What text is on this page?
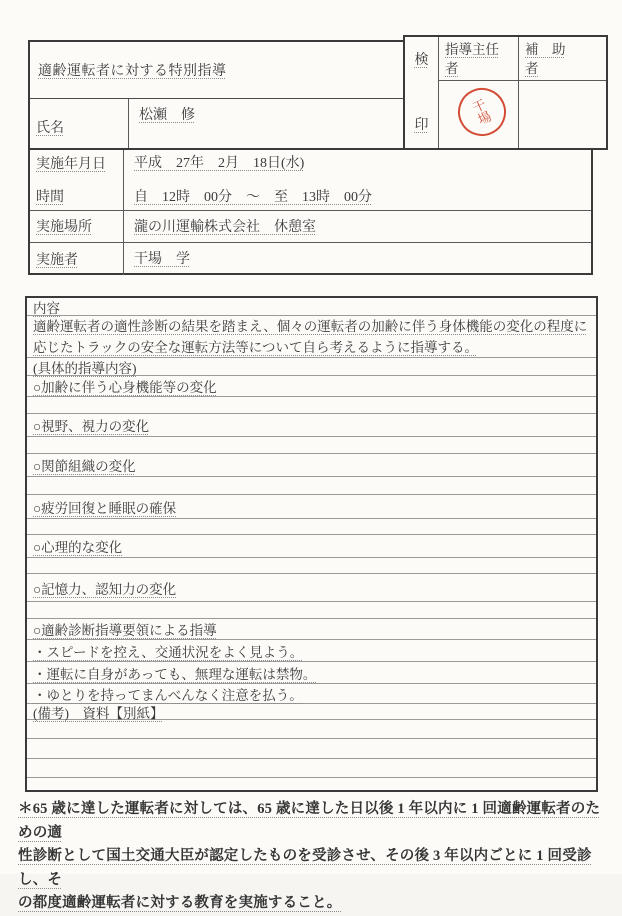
適齢運転者に対する特別指導
氏名
松瀬　修
検
印
指導主任
者
干
場
補　助
者
実施年月日
時間
平成　27年　2月　18日(水)
自　12時　00分　～　至　13時　00分
実施場所	瀧の川運輸株式会社　休憩室
実施者	干場　学
内容
適齢運転者の適性診断の結果を踏まえ、個々の運転者の加齢に伴う身体機能の変化の程度に応じたトラックの安全な運転方法等について自ら考えるように指導する。
(具体的指導内容)
○加齢に伴う心身機能等の変化
○視野、視力の変化
○関節組織の変化
○疲労回復と睡眠の確保
○心理的な変化
○記憶力、認知力の変化
○適齢診断指導要領による指導
・スピードを控え、交通状況をよく見よう。
・運転に自身があっても、無理な運転は禁物。
・ゆとりを持ってまんべんなく注意を払う。
(備考)　資料【別紙】
＊65 歳に達した運転者に対しては、65 歳に達した日以後 1 年以内に 1 回適齢運転者のための適
性診断として国土交通大臣が認定したものを受診させ、その後 3 年以内ごとに 1 回受診し、そ
の都度適齢運転者に対する教育を実施すること。
